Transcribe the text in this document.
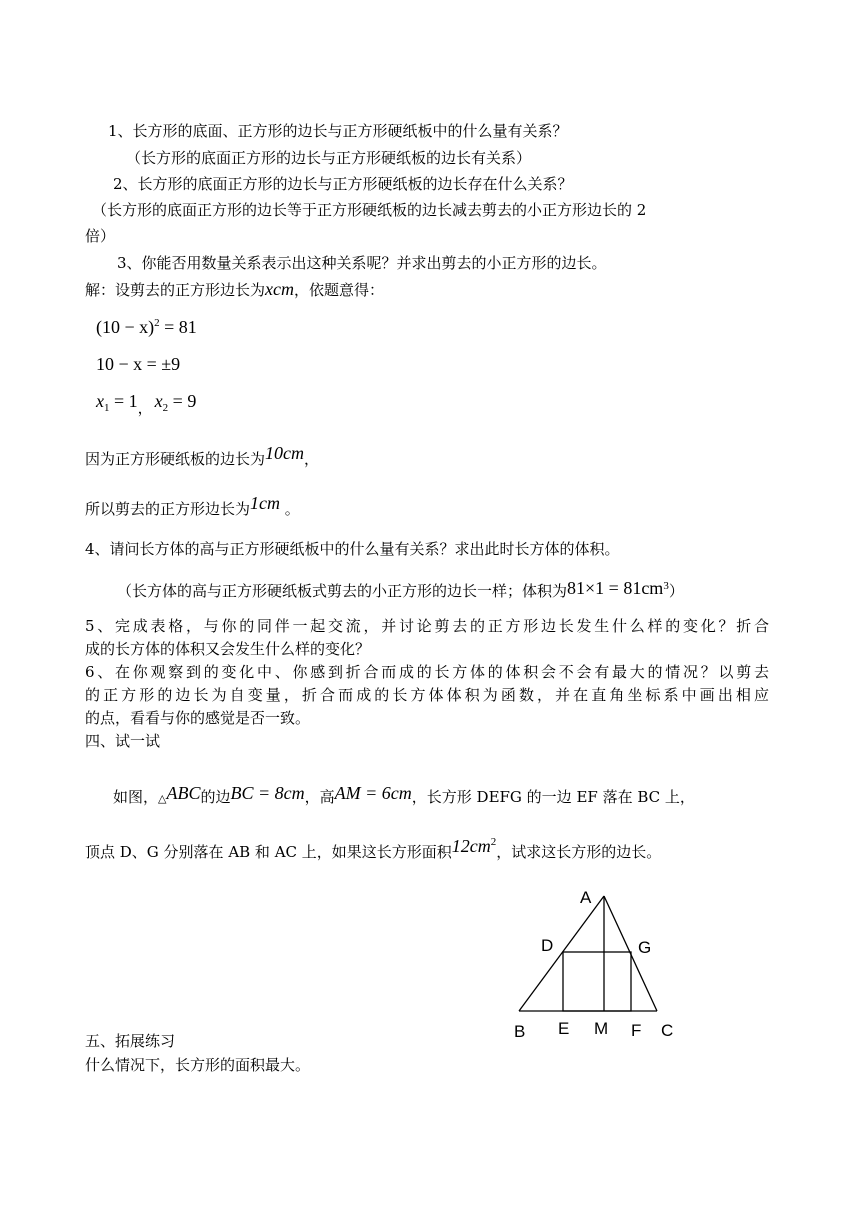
1、长方形的底面、正方形的边长与正方形硬纸板中的什么量有关系？
（长方形的底面正方形的边长与正方形硬纸板的边长有关系）
2、长方形的底面正方形的边长与正方形硬纸板的边长存在什么关系？
（长方形的底面正方形的边长等于正方形硬纸板的边长减去剪去的小正方形边长的 2
倍）
3、你能否用数量关系表示出这种关系呢？并求出剪去的小正方形的边长。
解：设剪去的正方形边长为xcm，依题意得：
$(10 - x)^2 = 81$
10 − x = ±9
$x_1 = 1_,$ $x_2 = 9$
因为正方形硬纸板的边长为10cm，
所以剪去的正方形边长为1cm 。
4、请问长方体的高与正方形硬纸板中的什么量有关系？求出此时长方体的体积。
（长方体的高与正方形硬纸板式剪去的小正方形的边长一样；体积为$81\times 1 = 81cm^3$）
5、完成表格，与你的同伴一起交流，并讨论剪去的正方形边长发生什么样的变化？折合
成的长方体的体积又会发生什么样的变化？
6、在你观察到的变化中、你感到折合而成的长方体的体积会不会有最大的情况？以剪去
的正方形的边长为自变量，折合而成的长方体体积为函数，并在直角坐标系中画出相应
的点，看看与你的感觉是否一致。
四、试一试
如图，△ABC的边BC = 8cm，高AM = 6cm，长方形 DEFG 的一边 EF 落在 BC 上，
顶点 D、G 分别落在 AB 和 AC 上，如果这长方形面积$12cm^2$，试求这长方形的边长。
A
D	G
B E M F C
五、拓展练习
什么情况下，长方形的面积最大。
